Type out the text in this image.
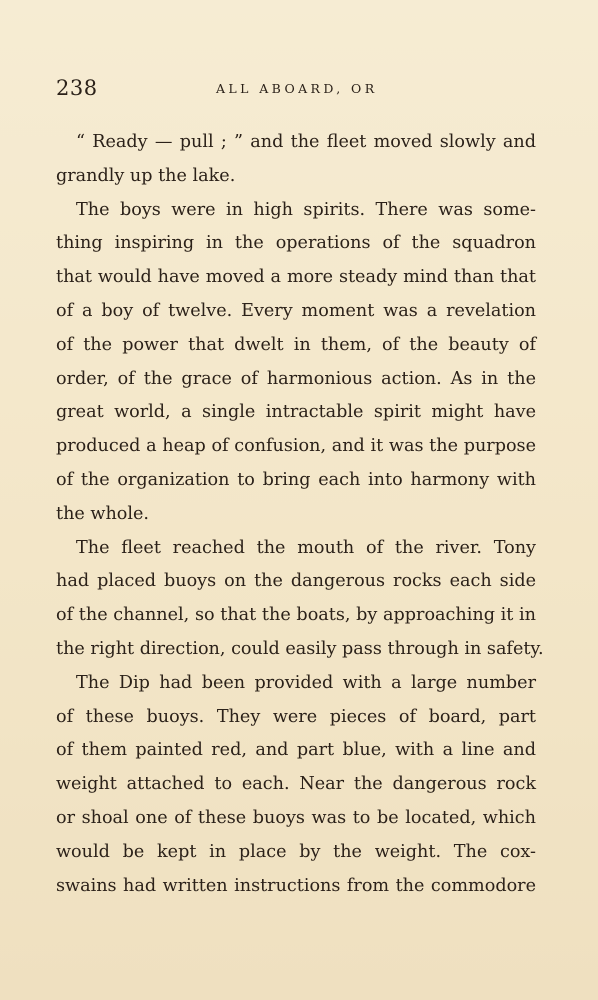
238	ALL ABOARD, OR

“ Ready — pull ; ” and the fleet moved slowly and
grandly up the lake.

The boys were in high spirits. There was some-
thing inspiring in the operations of the squadron
that would have moved a more steady mind than that
of a boy of twelve. Every moment was a revelation
of the power that dwelt in them, of the beauty of
order, of the grace of harmonious action. As in the
great world, a single intractable spirit might have
produced a heap of confusion, and it was the purpose
of the organization to bring each into harmony with
the whole.

The fleet reached the mouth of the river. Tony
had placed buoys on the dangerous rocks each side
of the channel, so that the boats, by approaching it in
the right direction, could easily pass through in safety.

The Dip had been provided with a large number
of these buoys. They were pieces of board, part
of them painted red, and part blue, with a line and
weight attached to each. Near the dangerous rock
or shoal one of these buoys was to be located, which
would be kept in place by the weight. The cox-
swains had written instructions from the commodore
